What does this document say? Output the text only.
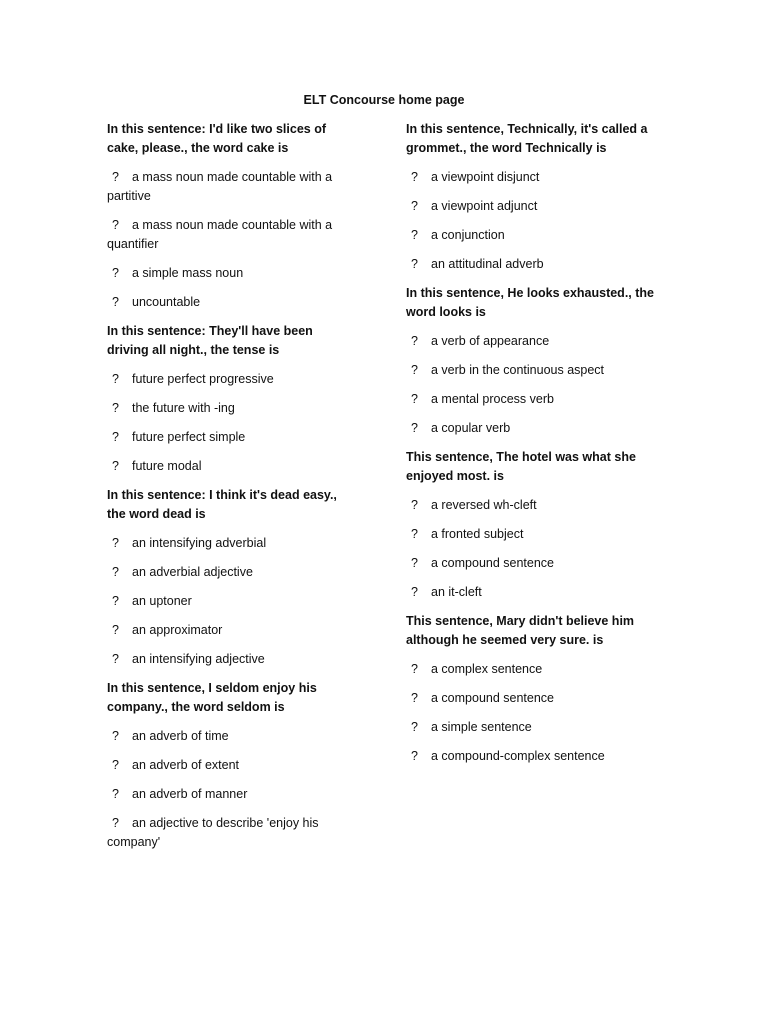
ELT Concourse home page
In this sentence: I'd like two slices of cake, please., the word cake is
? a mass noun made countable with a partitive
? a mass noun made countable with a quantifier
? a simple mass noun
? uncountable
In this sentence: They'll have been driving all night., the tense is
? future perfect progressive
? the future with -ing
? future perfect simple
? future modal
In this sentence: I think it's dead easy., the word dead is
? an intensifying adverbial
? an adverbial adjective
? an uptoner
? an approximator
? an intensifying adjective
In this sentence, I seldom enjoy his company., the word seldom is
? an adverb of time
? an adverb of extent
? an adverb of manner
? an adjective to describe 'enjoy his company'
In this sentence, Technically, it's called a grommet., the word Technically is
? a viewpoint disjunct
? a viewpoint adjunct
? a conjunction
? an attitudinal adverb
In this sentence, He looks exhausted., the word looks is
? a verb of appearance
? a verb in the continuous aspect
? a mental process verb
? a copular verb
This sentence, The hotel was what she enjoyed most. is
? a reversed wh-cleft
? a fronted subject
? a compound sentence
? an it-cleft
This sentence, Mary didn't believe him although he seemed very sure. is
? a complex sentence
? a compound sentence
? a simple sentence
? a compound-complex sentence
